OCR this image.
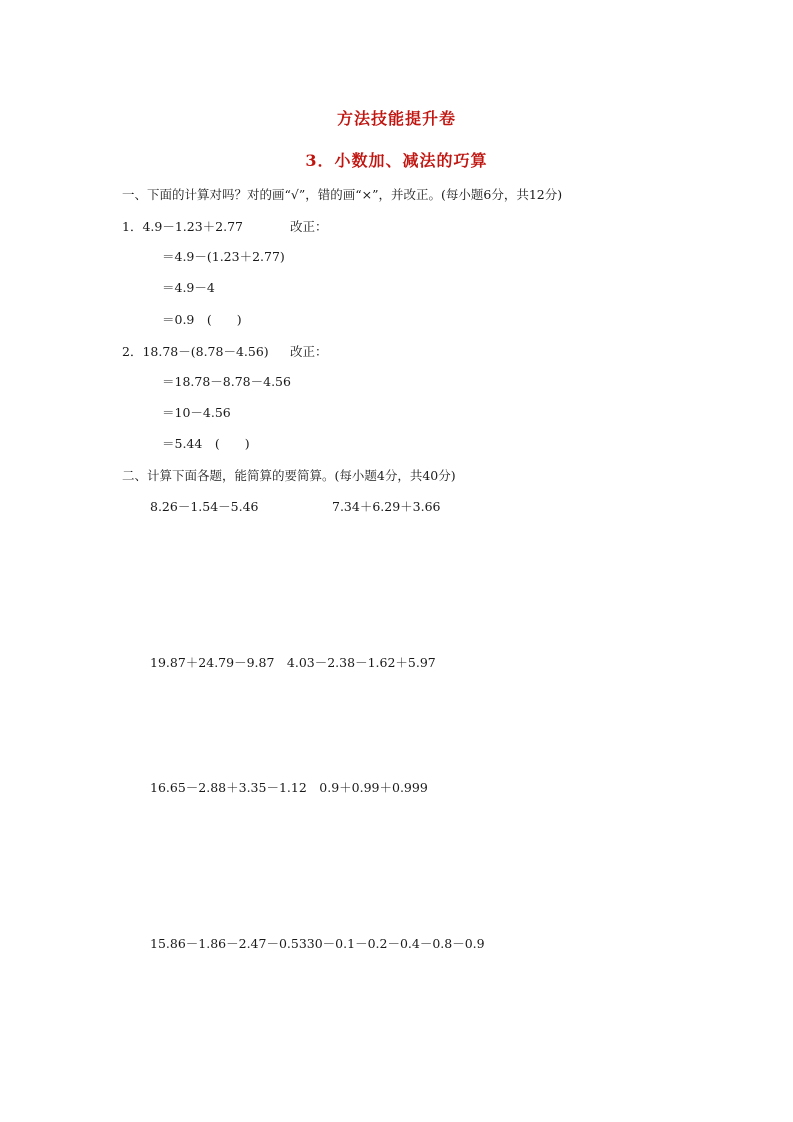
方法技能提升卷
3．小数加、减法的巧算
一、下面的计算对吗？对的画“√”，错的画“×”，并改正。(每小题6分，共12分)
1．4.9－1.23＋2.77	改正：
＝4.9－(1.23＋2.77)
＝4.9－4
＝0.9　(　　)
2．18.78－(8.78－4.56) 改正：
＝18.78－8.78－4.56
＝10－4.56
＝5.44　(　　)
二、计算下面各题，能简算的要简算。(每小题4分，共40分)
8.26－1.54－5.46	7.34＋6.29＋3.66
19.87＋24.79－9.87　4.03－2.38－1.62＋5.97
16.65－2.88＋3.35－1.12　0.9＋0.99＋0.999
15.86－1.86－2.47－0.5330－0.1－0.2－0.4－0.8－0.9
